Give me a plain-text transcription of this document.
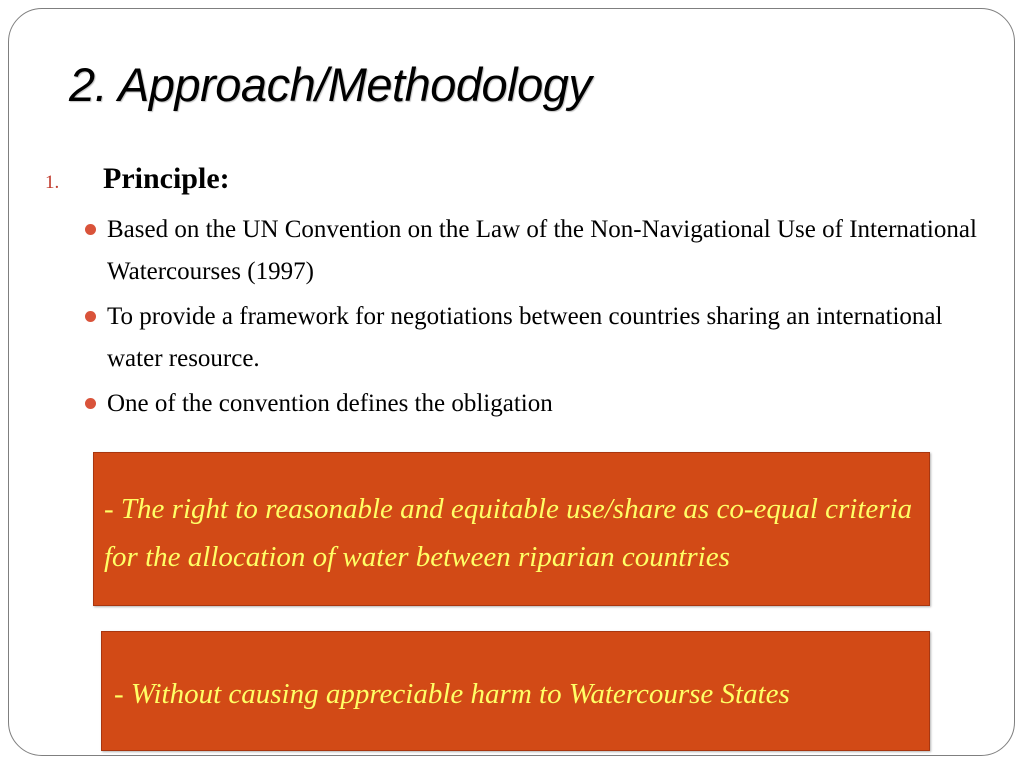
2. Approach/Methodology
1.	Principle:
Based on the UN Convention on the Law of the Non-Navigational Use of International Watercourses (1997)
To provide a framework for negotiations between countries sharing an international water resource.
One of the convention defines the obligation
- The right to reasonable and equitable use/share as co-equal criteria for the allocation of water between riparian countries
- Without causing appreciable harm to Watercourse States
